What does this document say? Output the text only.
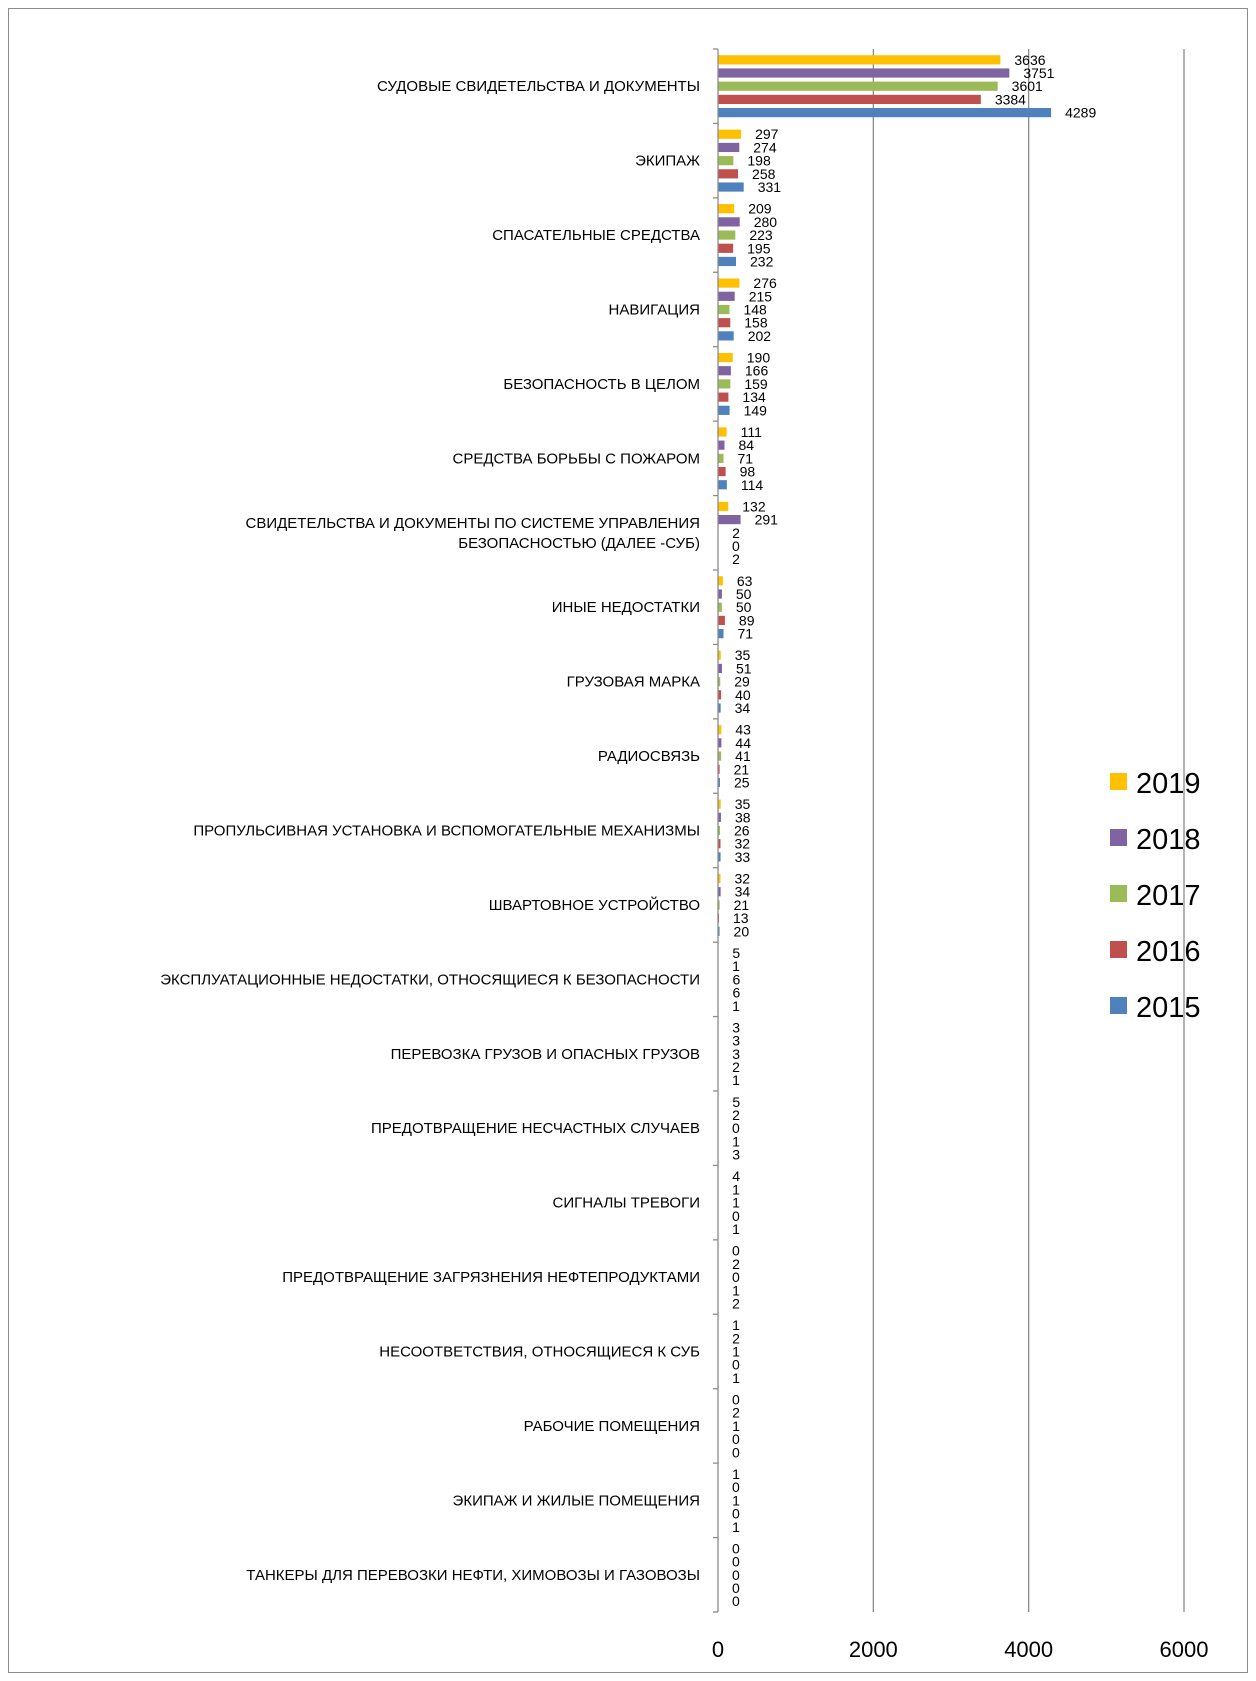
0	2000	4000	6000
СУДОВЫЕ СВИДЕТЕЛЬСТВА И ДОКУМЕНТЫ
ЭКИПАЖ
СПАСАТЕЛЬНЫЕ СРЕДСТВА
НАВИГАЦИЯ
БЕЗОПАСНОСТЬ В ЦЕЛОМ
СРЕДСТВА БОРЬБЫ С ПОЖАРОМ
СВИДЕТЕЛЬСТВА И ДОКУМЕНТЫ ПО СИСТЕМЕ УПРАВЛЕНИЯ
БЕЗОПАСНОСТЬЮ (ДАЛЕЕ -СУБ)
ИНЫЕ НЕДОСТАТКИ
ГРУЗОВАЯ МАРКА
РАДИОСВЯЗЬ
ПРОПУЛЬСИВНАЯ УСТАНОВКА И ВСПОМОГАТЕЛЬНЫЕ МЕХАНИЗМЫ
ШВАРТОВНОЕ УСТРОЙСТВО
ЭКСПЛУАТАЦИОННЫЕ НЕДОСТАТКИ, ОТНОСЯЩИЕСЯ К БЕЗОПАСНОСТИ
ПЕРЕВОЗКА ГРУЗОВ И ОПАСНЫХ ГРУЗОВ
ПРЕДОТВРАЩЕНИЕ НЕСЧАСТНЫХ СЛУЧАЕВ
СИГНАЛЫ ТРЕВОГИ
ПРЕДОТВРАЩЕНИЕ ЗАГРЯЗНЕНИЯ НЕФТЕПРОДУКТАМИ
НЕСООТВЕТСТВИЯ, ОТНОСЯЩИЕСЯ К СУБ
РАБОЧИЕ ПОМЕЩЕНИЯ
ЭКИПАЖ И ЖИЛЫЕ ПОМЕЩЕНИЯ
ТАНКЕРЫ ДЛЯ ПЕРЕВОЗКИ НЕФТИ, ХИМОВОЗЫ И ГАЗОВОЗЫ
3636
3751
3601
3384
4289
297
274
198
258
331
209
280
223
195
232
276
215
148
158
202
190
166
159
134
149
111
84
71
98
114
132
291
2
0
2
63
50
50
89
71
35
51
29
40
34
43
44
41
21
25
35
38
26
32
33
32
34
21
13
20
5
1
6
6
1
3
3
3
2
1
5
2
0
1
3
4
1
1
0
1
0
2
0
1
2
1
2
1
0
1
0
2
1
0
0
1
0
1
0
1
0
0
0
0
0
2019
2018
2017
2016
2015
